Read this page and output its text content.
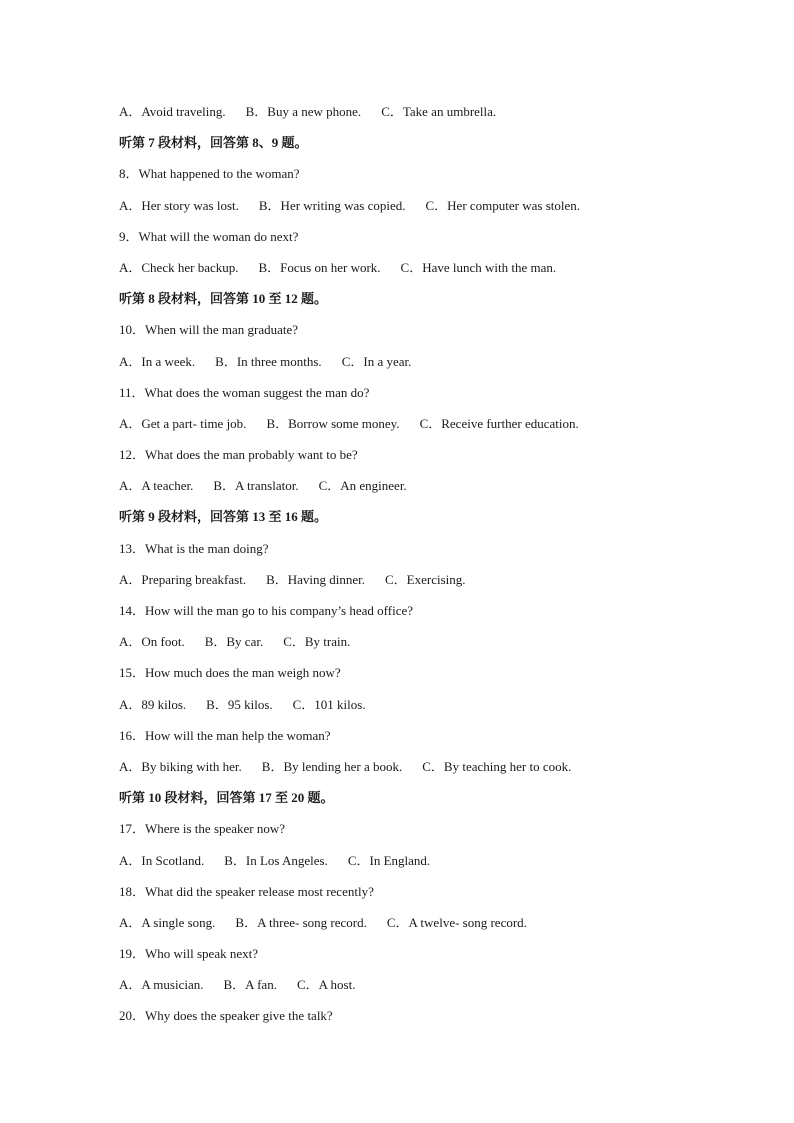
A．Avoid traveling. B．Buy a new phone. C．Take an umbrella.
听第 7 段材料，回答第 8、9 题。
8．What happened to the woman?
A．Her story was lost. B．Her writing was copied. C．Her computer was stolen.
9．What will the woman do next?
A．Check her backup. B．Focus on her work. C．Have lunch with the man.
听第 8 段材料，回答第 10 至 12 题。
10．When will the man graduate?
A．In a week. B．In three months. C．In a year.
11．What does the woman suggest the man do?
A．Get a part- time job. B．Borrow some money. C．Receive further education.
12．What does the man probably want to be?
A．A teacher. B．A translator. C．An engineer.
听第 9 段材料，回答第 13 至 16 题。
13．What is the man doing?
A．Preparing breakfast. B．Having dinner. C．Exercising.
14．How will the man go to his company’s head office?
A．On foot. B．By car. C．By train.
15．How much does the man weigh now?
A．89 kilos. B．95 kilos. C．101 kilos.
16．How will the man help the woman?
A．By biking with her. B．By lending her a book. C．By teaching her to cook.
听第 10 段材料，回答第 17 至 20 题。
17．Where is the speaker now?
A．In Scotland. B．In Los Angeles. C．In England.
18．What did the speaker release most recently?
A．A single song. B．A three- song record. C．A twelve- song record.
19．Who will speak next?
A．A musician. B．A fan. C．A host.
20．Why does the speaker give the talk?
